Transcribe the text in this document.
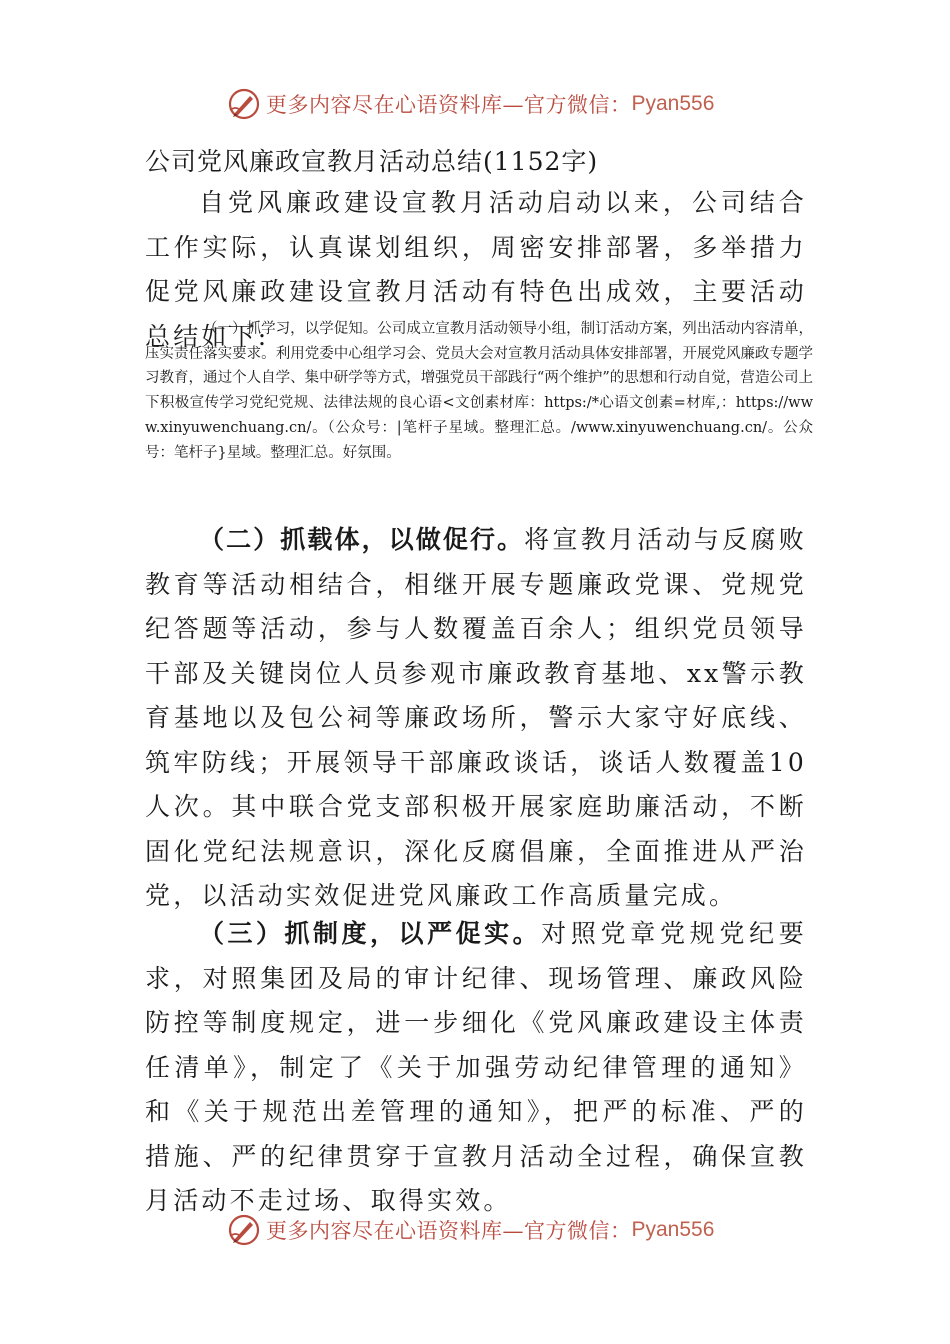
更多内容尽在心语资料库—官方微信： Pyan556
公司党风廉政宣教月活动总结(1152字)

自党风廉政建设宣教月活动启动以来，公司结合工作实际，认真谋划组织，周密安排部署，多举措力促党风廉政建设宣教月活动有特色出成效，主要活动总结如下:

（一）抓学习，以学促知。公司成立宣教月活动领导小组，制订活动方案，列出活动内容清单，压实责任落实要求。利用党委中心组学习会、党员大会对宣教月活动具体安排部署，开展党风廉政专题学习教育，通过个人自学、集中研学等方式，增强党员干部践行“两个维护”的思想和行动自觉，营造公司上下积极宣传学习党纪党规、法律法规的良心语<文创素材库：https:/*心语文创素=材库,：https://www.xinyuwenchuang.cn/。（公众号：|笔杆子星域。整理汇总。/www.xinyuwenchuang.cn/。公众号：笔杆子}星域。整理汇总。好氛围。

（二）抓载体，以做促行。将宣教月活动与反腐败教育等活动相结合，相继开展专题廉政党课、党规党纪答题等活动，参与人数覆盖百余人；组织党员领导干部及关键岗位人员参观市廉政教育基地、xx警示教育基地以及包公祠等廉政场所，警示大家守好底线、筑牢防线；开展领导干部廉政谈话，谈话人数覆盖10人次。其中联合党支部积极开展家庭助廉活动，不断固化党纪法规意识，深化反腐倡廉，全面推进从严治党，以活动实效促进党风廉政工作高质量完成。

（三）抓制度，以严促实。对照党章党规党纪要求，对照集团及局的审计纪律、现场管理、廉政风险防控等制度规定，进一步细化《党风廉政建设主体责任清单》，制定了《关于加强劳动纪律管理的通知》和《关于规范出差管理的通知》，把严的标准、严的措施、严的纪律贯穿于宣教月活动全过程，确保宣教月活动不走过场、取得实效。

更多内容尽在心语资料库—官方微信： Pyan556
